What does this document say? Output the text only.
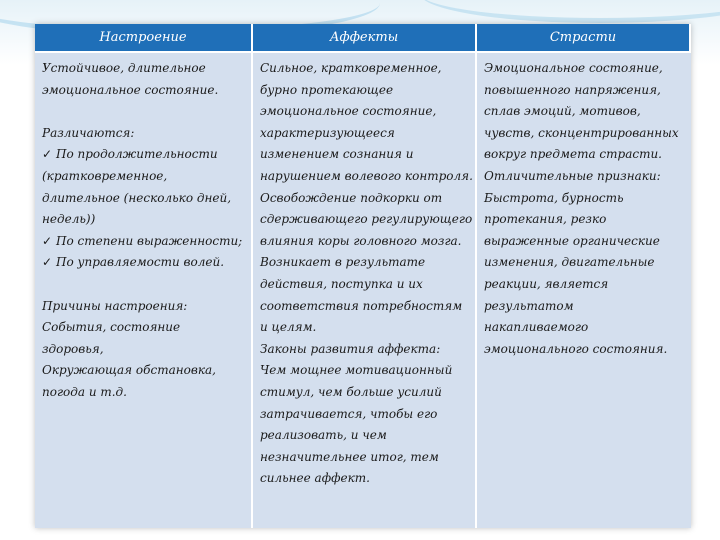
Настроение	Аффекты	Страсти
Устойчивое, длительное
эмоциональное состояние.
Различаются:
✓ По продолжительности
(кратковременное,
длительное (несколько дней,
недель))
✓ По степени выраженности;
✓ По управляемости волей.
Причины настроения:
События, состояние
здоровья,
Окружающая обстановка,
погода и т.д.
Сильное, кратковременное,
бурно протекающее
эмоциональное состояние,
характеризующееся
изменением сознания и
нарушением волевого контроля.
Освобождение подкорки от
сдерживающего регулирующего
влияния коры головного мозга.
Возникает в результате
действия, поступка и их
соответствия потребностям
и целям.
Законы развития аффекта:
Чем мощнее мотивационный
стимул, чем больше усилий
затрачивается, чтобы его
реализовать, и чем
незначительнее итог, тем
сильнее аффект.
Эмоциональное состояние,
повышенного напряжения,
сплав эмоций, мотивов,
чувств, сконцентрированных
вокруг предмета страсти.
Отличительные признаки:
Быстрота, бурность
протекания, резко
выраженные органические
изменения, двигательные
реакции, является
результатом
накапливаемого
эмоционального состояния.
